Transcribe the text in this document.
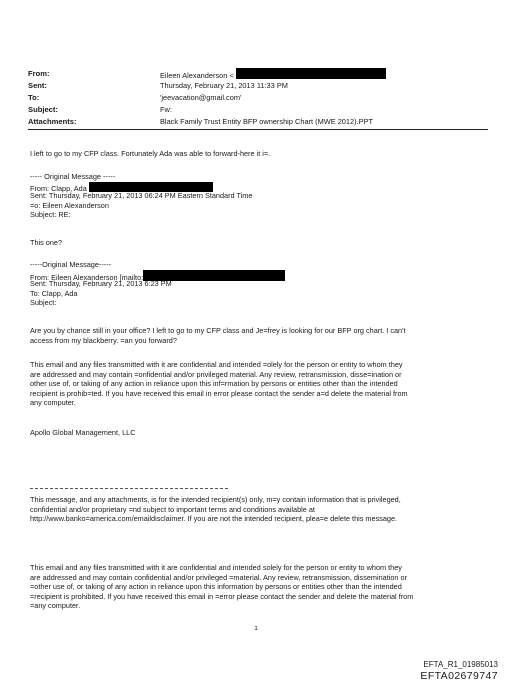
From:	Eileen Alexanderson <
Sent:	Thursday, February 21, 2013 11:33 PM
To:	'jeevacation@gmail.com'
Subject:	Fw:
Attachments:	Black Family Trust Entity BFP ownership Chart (MWE 2012).PPT
I left to go to my CFP class. Fortunately Ada was able to forward-here it i=.
----- Original Message -----
From: Clapp, Ada
Sent: Thursday, February 21, 2013 06:24 PM Eastern Standard Time
=o: Eileen Alexanderson
Subject: RE:
This one?
-----Original Message-----
From: Eileen Alexanderson [mailto:
Sent: Thursday, February 21, 2013 6:23 PM
To: Clapp, Ada
Subject:
Are you by chance still in your office? I left to go to my CFP class and Je=frey is looking for our BFP org chart. I can't
access from my blackberry. =an you forward?
This email and any files transmitted with it are confidential and intended =olely for the person or entity to whom they
are addressed and may contain =onfidential and/or privileged material. Any review, retransmission, disse=ination or
other use of, or taking of any action in reliance upon this inf=rmation by persons or entities other than the intended
recipient is prohib=ted. If you have received this email in error please contact the sender a=d delete the material from
any computer.
Apollo Global Management, LLC
This message, and any attachments, is for the intended recipient(s) only, m=y contain information that is privileged,
confidential and/or proprietary =nd subject to important terms and conditions available at
http://www.banko=america.com/emaildisclaimer. If you are not the intended recipient, plea=e delete this message.
This email and any files transmitted with it are confidential and intended solely for the person or entity to whom they
are addressed and may contain confidential and/or privileged =material. Any review, retransmission, dissemination or
=other use of, or taking of any action in reliance upon this information by persons or entities other than the intended
=recipient is prohibited. If you have received this email in =error please contact the sender and delete the material from
=any computer.
1
EFTA_R1_01985013
EFTA02679747
